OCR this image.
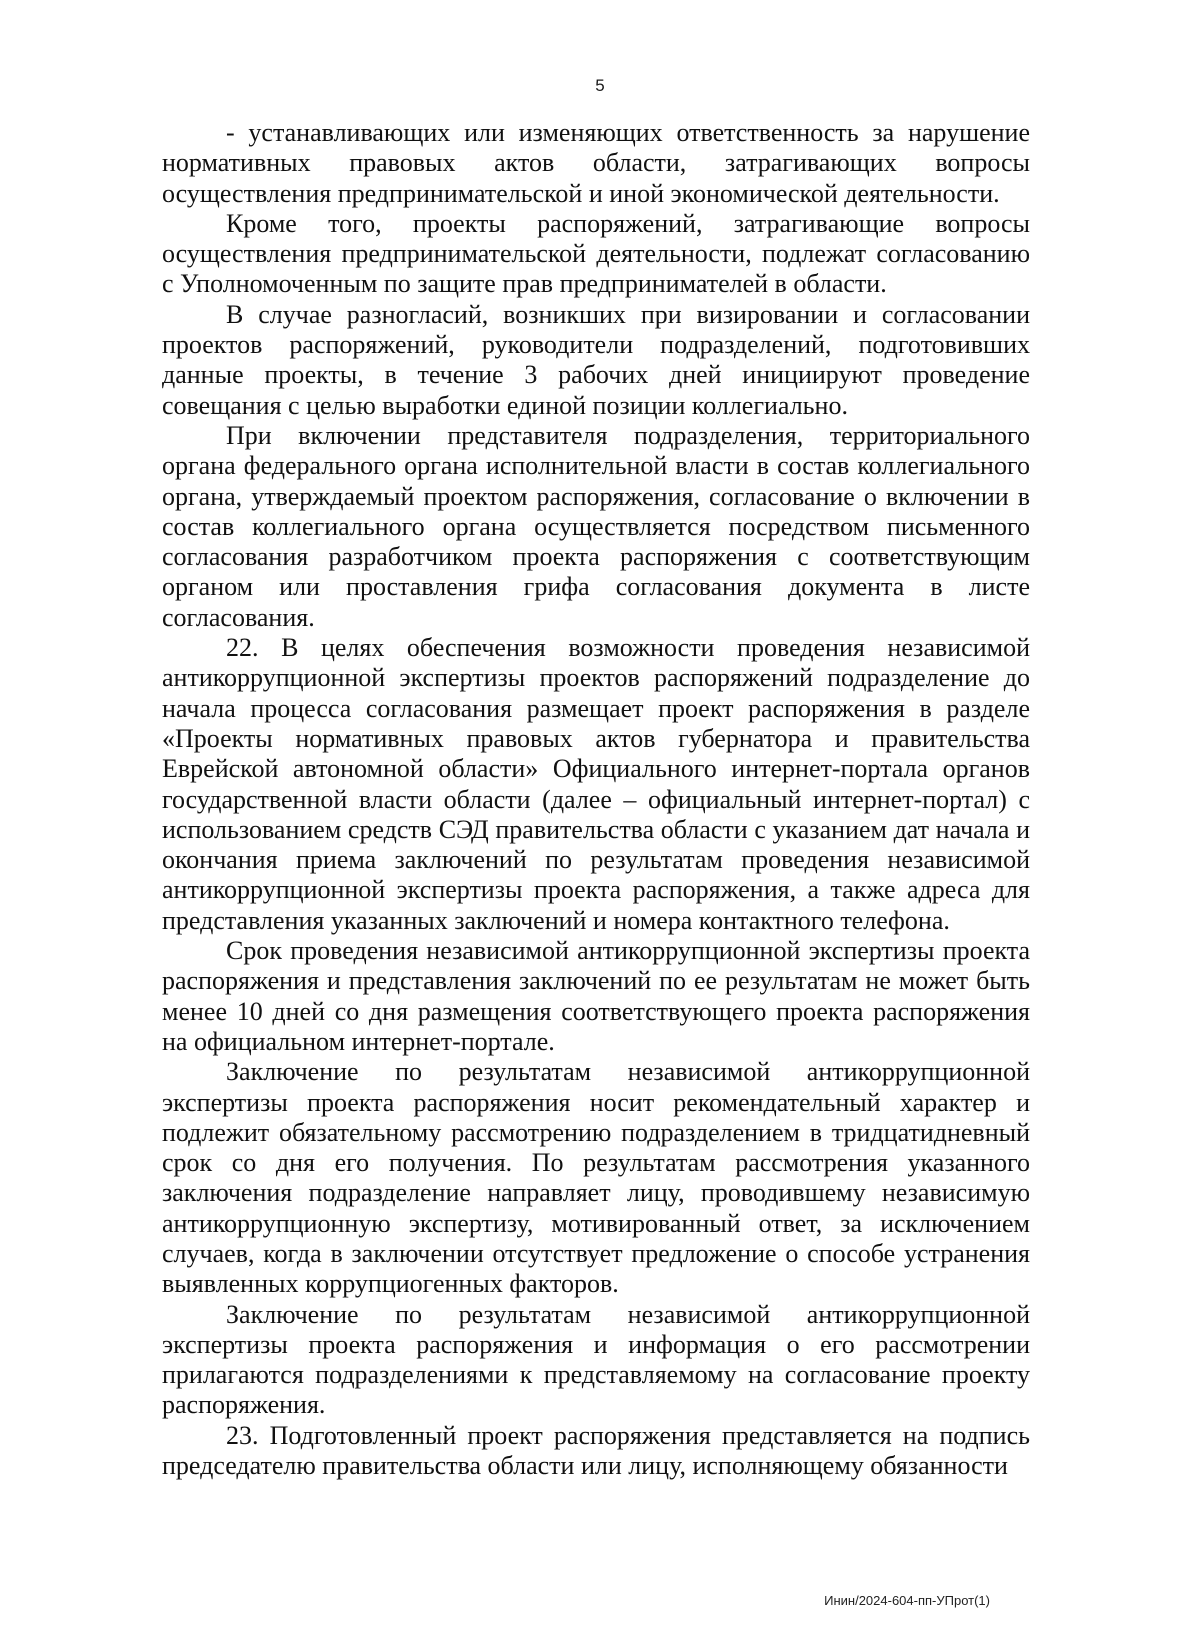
5

- устанавливающих или изменяющих ответственность за нарушение нормативных правовых актов области, затрагивающих вопросы осуществления предпринимательской и иной экономической деятельности.

Кроме того, проекты распоряжений, затрагивающие вопросы осуществления предпринимательской деятельности, подлежат согласованию с Уполномоченным по защите прав предпринимателей в области.

В случае разногласий, возникших при визировании и согласовании проектов распоряжений, руководители подразделений, подготовивших данные проекты, в течение 3 рабочих дней инициируют проведение совещания с целью выработки единой позиции коллегиально.

При включении представителя подразделения, территориального органа федерального органа исполнительной власти в состав коллегиального органа, утверждаемый проектом распоряжения, согласование о включении в состав коллегиального органа осуществляется посредством письменного согласования разработчиком проекта распоряжения с соответствующим органом или проставления грифа согласования документа в листе согласования.

22. В целях обеспечения возможности проведения независимой антикоррупционной экспертизы проектов распоряжений подразделение до начала процесса согласования размещает проект распоряжения в разделе «Проекты нормативных правовых актов губернатора и правительства Еврейской автономной области» Официального интернет-портала органов государственной власти области (далее – официальный интернет-портал) с использованием средств СЭД правительства области с указанием дат начала и окончания приема заключений по результатам проведения независимой антикоррупционной экспертизы проекта распоряжения, а также адреса для представления указанных заключений и номера контактного телефона.

Срок проведения независимой антикоррупционной экспертизы проекта распоряжения и представления заключений по ее результатам не может быть менее 10 дней со дня размещения соответствующего проекта распоряжения на официальном интернет-портале.

Заключение по результатам независимой антикоррупционной экспертизы проекта распоряжения носит рекомендательный характер и подлежит обязательному рассмотрению подразделением в тридцатидневный срок со дня его получения. По результатам рассмотрения указанного заключения подразделение направляет лицу, проводившему независимую антикоррупционную экспертизу, мотивированный ответ, за исключением случаев, когда в заключении отсутствует предложение о способе устранения выявленных коррупциогенных факторов.

Заключение по результатам независимой антикоррупционной экспертизы проекта распоряжения и информация о его рассмотрении прилагаются подразделениями к представляемому на согласование проекту распоряжения.

23. Подготовленный проект распоряжения представляется на подпись председателю правительства области или лицу, исполняющему обязанности

Инин/2024-604-пп-УПрот(1)
